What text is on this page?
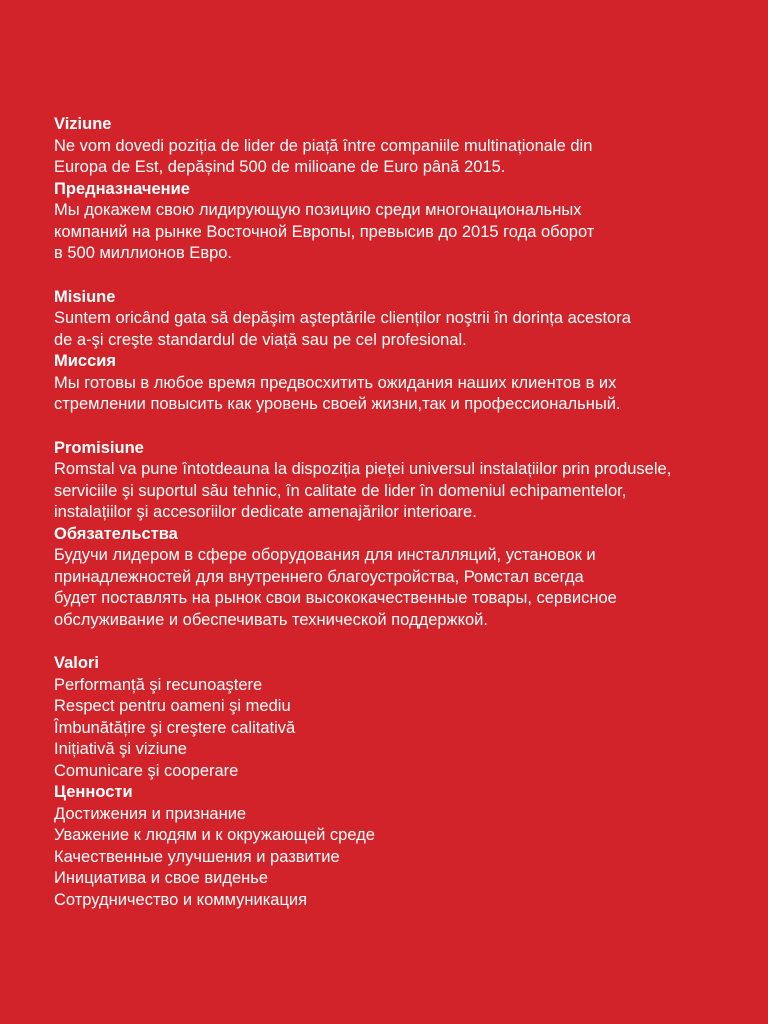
Viziune
Ne vom dovedi poziția de lider de piață între companiile multinaționale din
Europa de Est, depășind 500 de milioane de Euro până 2015.
Предназначение
Мы докажем свою лидирующую позицию среди многонациональных
компаний на рынке Восточной Европы, превысив до 2015 года оборот
в 500 миллионов Евро.
Misiune
Suntem oricând gata să depăşim aşteptările clienților noştrii în dorința acestora
de a-şi creşte standardul de viață sau pe cel profesional.
Миссия
Мы готовы в любое время предвосхитить ожидания наших клиентов в их
стремлении повысить как уровень своей жизни,так и профессиональный.
Promisiune
Romstal va pune întotdeauna la dispoziția pieței universul instalațiilor prin produsele,
serviciile şi suportul său tehnic, în calitate de lider în domeniul echipamentelor,
instalațiilor şi accesoriilor dedicate amenajărilor interioare.
Обязательства
Будучи лидером в сфере оборудования для инсталляций, установок и
принадлежностей для внутреннего благоустройства, Ромстал всегда
будет поставлять на рынок свои высококачественные товары, сервисное
обслуживание и обеспечивать технической поддержкой.
Valori
Performanță şi recunoaştere
Respect pentru oameni şi mediu
Îmbunătățire şi creştere calitativă
Inițiativă şi viziune
Comunicare şi cooperare
Ценности
Достижения и признание
Уважение к людям и к окружающей среде
Качественные улучшения и развитие
Инициатива и свое виденье
Сотрудничество и коммуникация
